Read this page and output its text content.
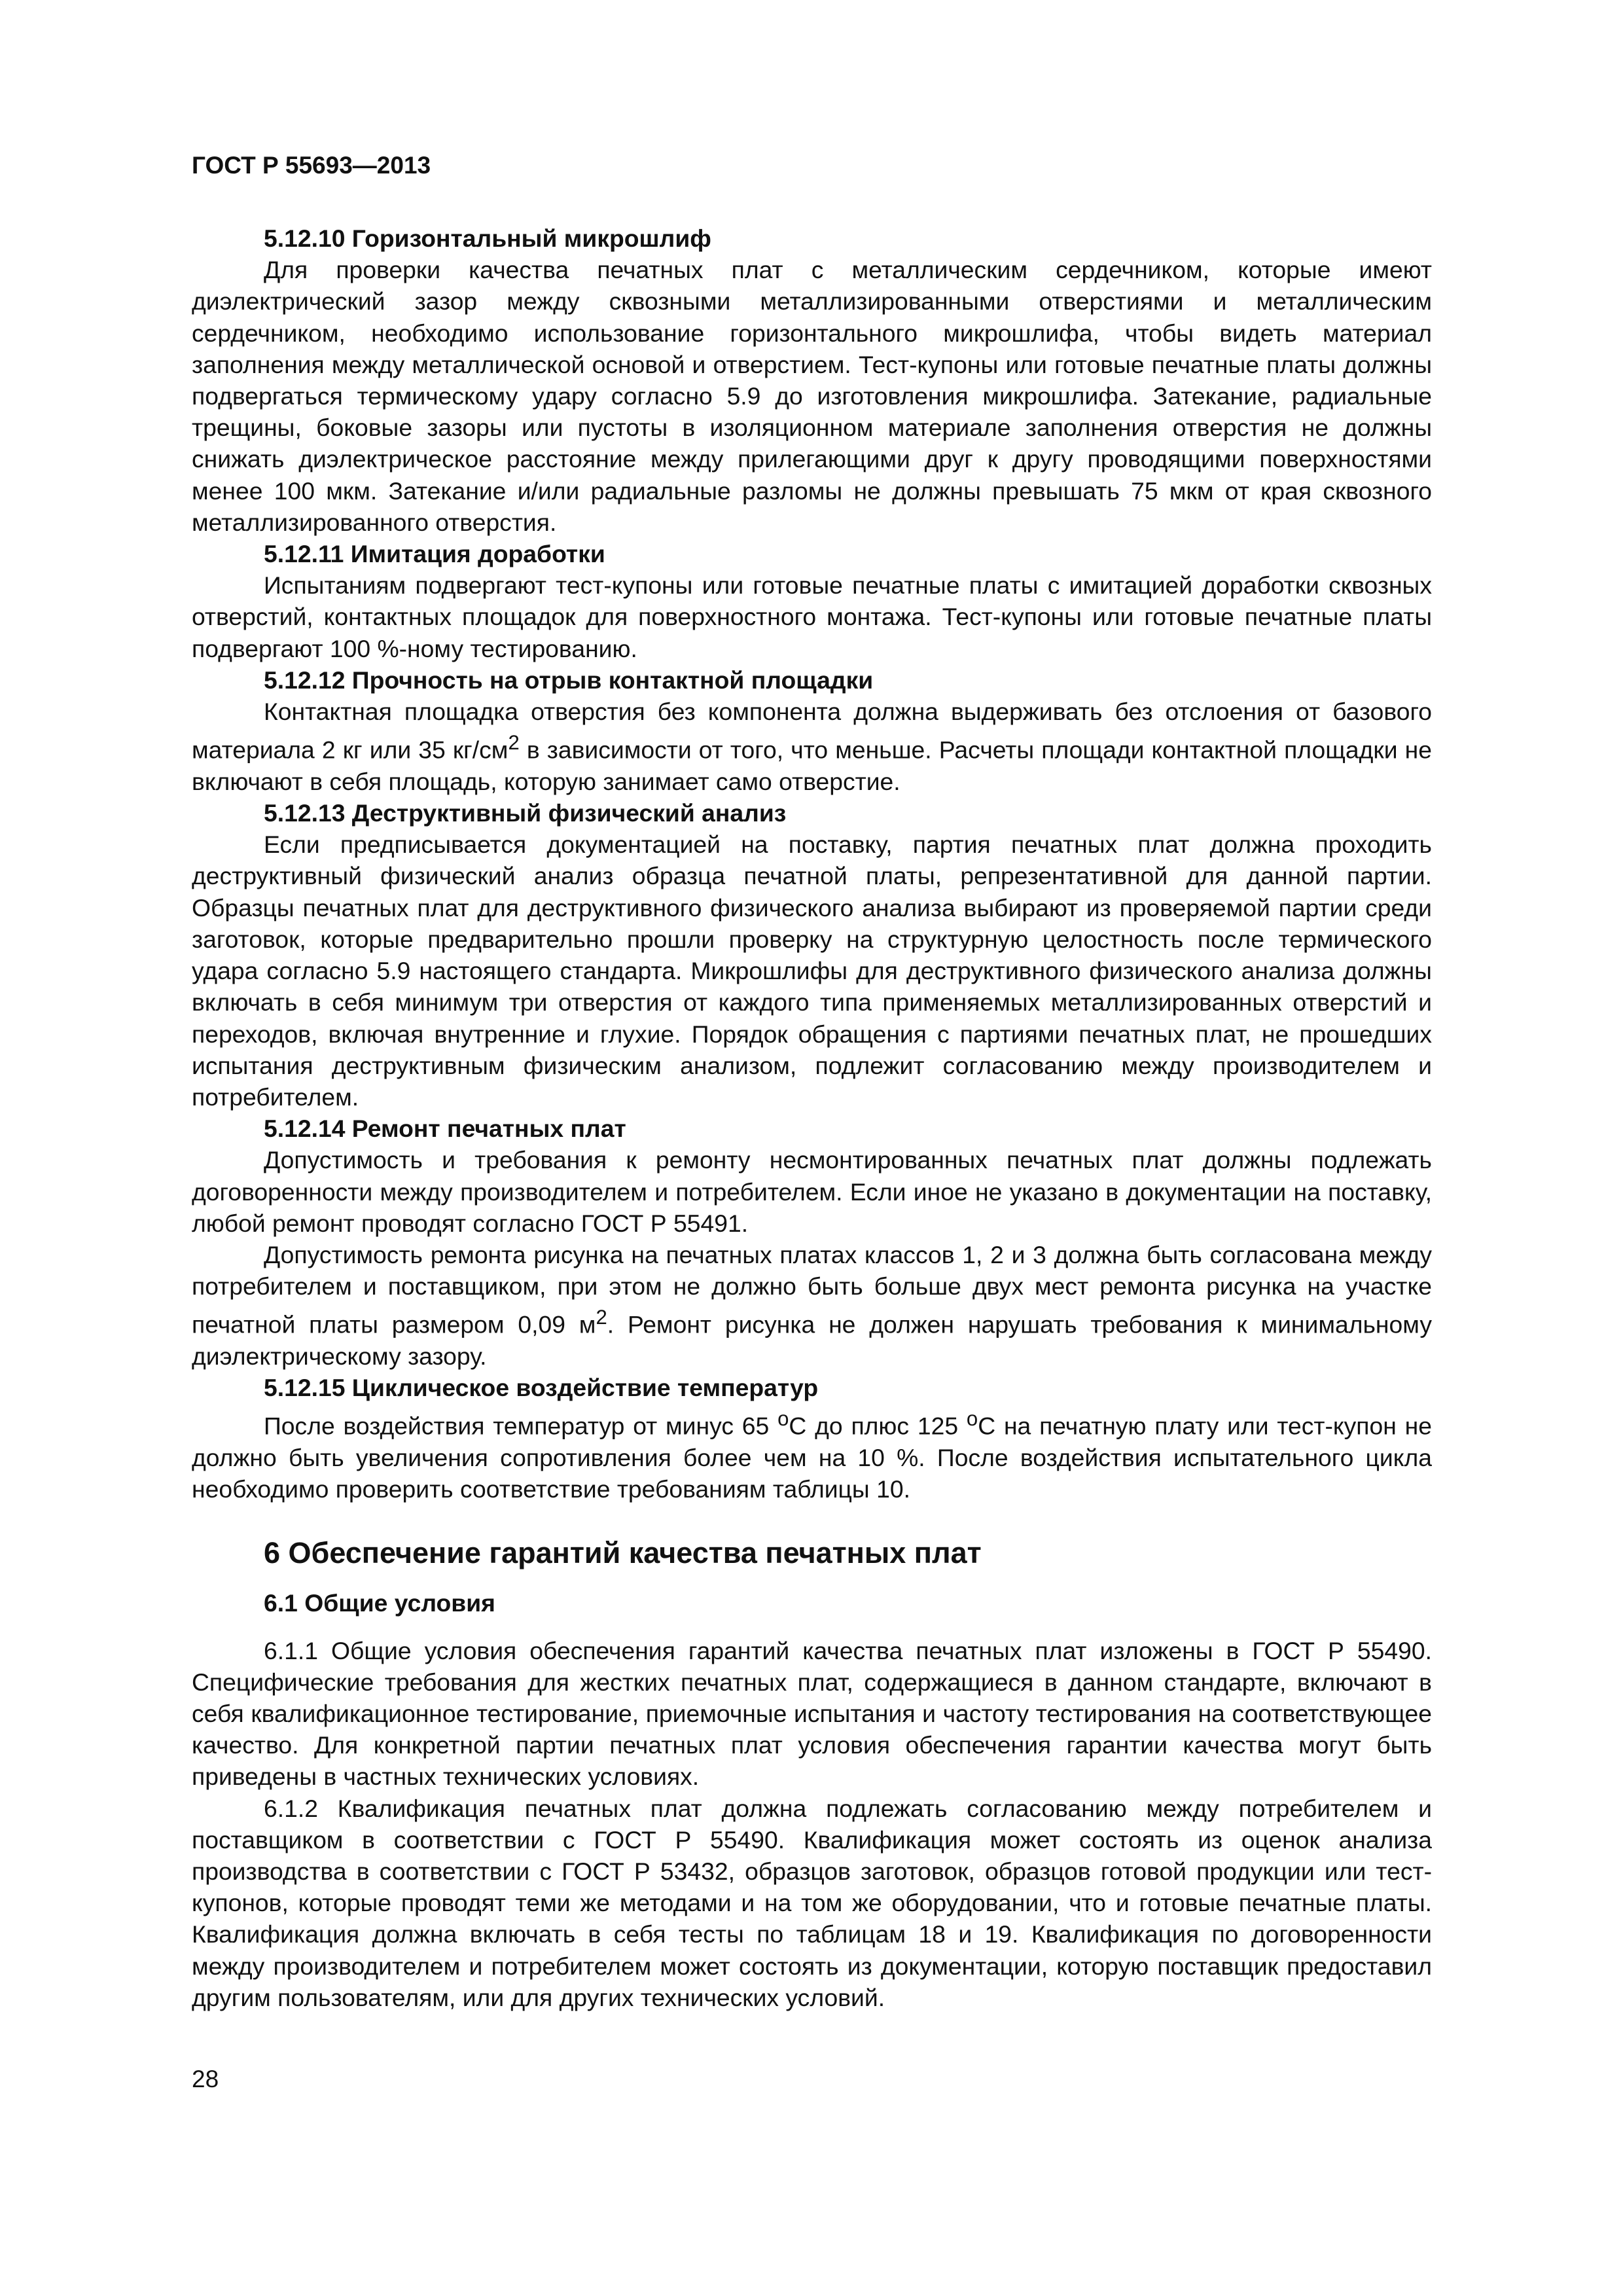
ГОСТ Р 55693—2013
5.12.10 Горизонтальный микрошлиф

Для проверки качества печатных плат с металлическим сердечником, которые имеют диэлектрический зазор между сквозными металлизированными отверстиями и металлическим сердечником, необходимо использование горизонтального микрошлифа, чтобы видеть материал заполнения между металлической основой и отверстием. Тест-купоны или готовые печатные платы должны подвергаться термическому удару согласно 5.9 до изготовления микрошлифа. Затекание, радиальные трещины, боковые зазоры или пустоты в изоляционном материале заполнения отверстия не должны снижать диэлектрическое расстояние между прилегающими друг к другу проводящими поверхностями менее 100 мкм. Затекание и/или радиальные разломы не должны превышать 75 мкм от края сквозного металлизированного отверстия.

5.12.11 Имитация доработки

Испытаниям подвергают тест-купоны или готовые печатные платы с имитацией доработки сквозных отверстий, контактных площадок для поверхностного монтажа. Тест-купоны или готовые печатные платы подвергают 100 %-ному тестированию.

5.12.12 Прочность на отрыв контактной площадки

Контактная площадка отверстия без компонента должна выдерживать без отслоения от базового материала 2 кг или 35 $кг/см^2$ в зависимости от того, что меньше. Расчеты площади контактной площадки не включают в себя площадь, которую занимает само отверстие.

5.12.13 Деструктивный физический анализ

Если предписывается документацией на поставку, партия печатных плат должна проходить деструктивный физический анализ образца печатной платы, репрезентативной для данной партии. Образцы печатных плат для деструктивного физического анализа выбирают из проверяемой партии среди заготовок, которые предварительно прошли проверку на структурную целостность после термического удара согласно 5.9 настоящего стандарта. Микрошлифы для деструктивного физического анализа должны включать в себя минимум три отверстия от каждого типа применяемых металлизированных отверстий и переходов, включая внутренние и глухие. Порядок обращения с партиями печатных плат, не прошедших испытания деструктивным физическим анализом, подлежит согласованию между производителем и потребителем.

5.12.14 Ремонт печатных плат

Допустимость и требования к ремонту несмонтированных печатных плат должны подлежать договоренности между производителем и потребителем. Если иное не указано в документации на поставку, любой ремонт проводят согласно ГОСТ Р 55491.

Допустимость ремонта рисунка на печатных платах классов 1, 2 и 3 должна быть согласована между потребителем и поставщиком, при этом не должно быть больше двух мест ремонта рисунка на участке печатной платы размером 0,09 $м^2$. Ремонт рисунка не должен нарушать требования к минимальному диэлектрическому зазору.

5.12.15 Циклическое воздействие температур

После воздействия температур от минус 65 $^о$С до плюс 125 $^о$С на печатную плату или тест-купон не должно быть увеличения сопротивления более чем на 10 %. После воздействия испытательного цикла необходимо проверить соответствие требованиям таблицы 10.

6 Обеспечение гарантий качества печатных плат
6.1 Общие условия

6.1.1 Общие условия обеспечения гарантий качества печатных плат изложены в ГОСТ Р 55490. Специфические требования для жестких печатных плат, содержащиеся в данном стандарте, включают в себя квалификационное тестирование, приемочные испытания и частоту тестирования на соответствующее качество. Для конкретной партии печатных плат условия обеспечения гарантии качества могут быть приведены в частных технических условиях.

6.1.2 Квалификация печатных плат должна подлежать согласованию между потребителем и поставщиком в соответствии с ГОСТ Р 55490. Квалификация может состоять из оценок анализа производства в соответствии с ГОСТ Р 53432, образцов заготовок, образцов готовой продукции или тест-купонов, которые проводят теми же методами и на том же оборудовании, что и готовые печатные платы. Квалификация должна включать в себя тесты по таблицам 18 и 19. Квалификация по договоренности между производителем и потребителем может состоять из документации, которую поставщик предоставил другим пользователям, или для других технических условий.

28
